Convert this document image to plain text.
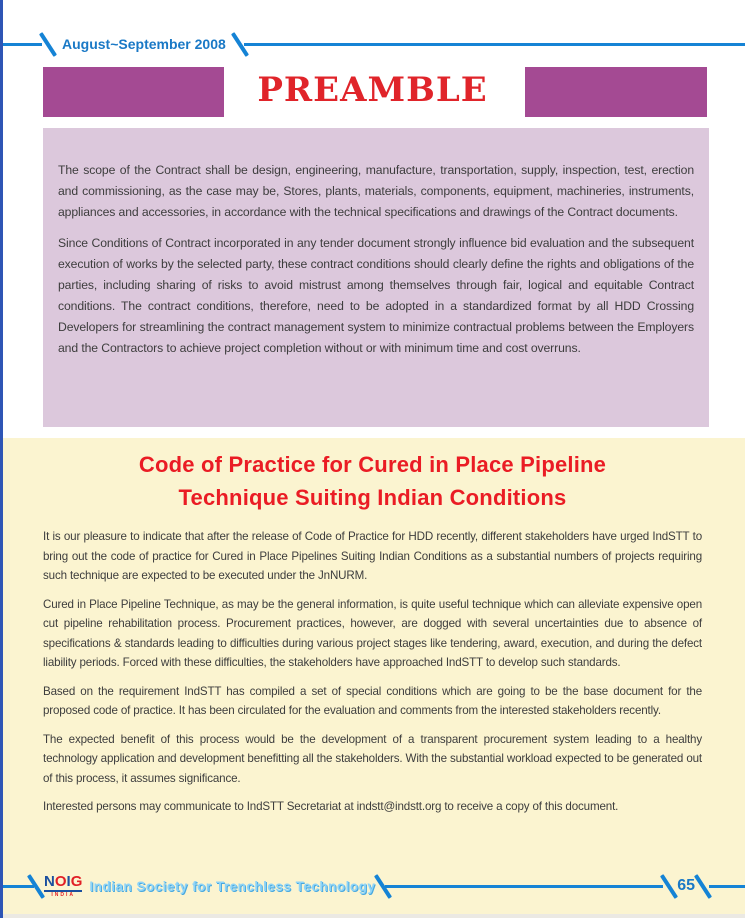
August~September 2008
PREAMBLE

The scope of the Contract shall be design, engineering, manufacture, transportation, supply, inspection, test, erection and commissioning, as the case may be, Stores, plants, materials, components, equipment, machineries, instruments, appliances and accessories, in accordance with the technical specifications and drawings of the Contract documents.

Since Conditions of Contract incorporated in any tender document strongly influence bid evaluation and the subsequent execution of works by the selected party, these contract conditions should clearly define the rights and obligations of the parties, including sharing of risks to avoid mistrust among themselves through fair, logical and equitable Contract conditions. The contract conditions, therefore, need to be adopted in a standardized format by all HDD Crossing Developers for streamlining the contract management system to minimize contractual problems between the Employers and the Contractors to achieve project completion without or with minimum time and cost overruns.

Code of Practice for Cured in Place Pipeline
Technique Suiting Indian Conditions

It is our pleasure to indicate that after the release of Code of Practice for HDD recently, different stakeholders have urged IndSTT to bring out the code of practice for Cured in Place Pipelines Suiting Indian Conditions as a substantial numbers of projects requiring such technique are expected to be executed under the JnNURM.

Cured in Place Pipeline Technique, as may be the general information, is quite useful technique which can alleviate expensive open cut pipeline rehabilitation process. Procurement practices, however, are dogged with several uncertainties due to absence of specifications & standards leading to difficulties during various project stages like tendering, award, execution, and during the defect liability periods. Forced with these difficulties, the stakeholders have approached IndSTT to develop such standards.

Based on the requirement IndSTT has compiled a set of special conditions which are going to be the base document for the proposed code of practice. It has been circulated for the evaluation and comments from the interested stakeholders recently.

The expected benefit of this process would be the development of a transparent procurement system leading to a healthy technology application and development benefitting all the stakeholders. With the substantial workload expected to be generated out of this process, it assumes significance.

Interested persons may communicate to IndSTT Secretariat at indstt@indstt.org to receive a copy of this document.

N O I G
INDIA
Indian Society for Trenchless Technology	65
